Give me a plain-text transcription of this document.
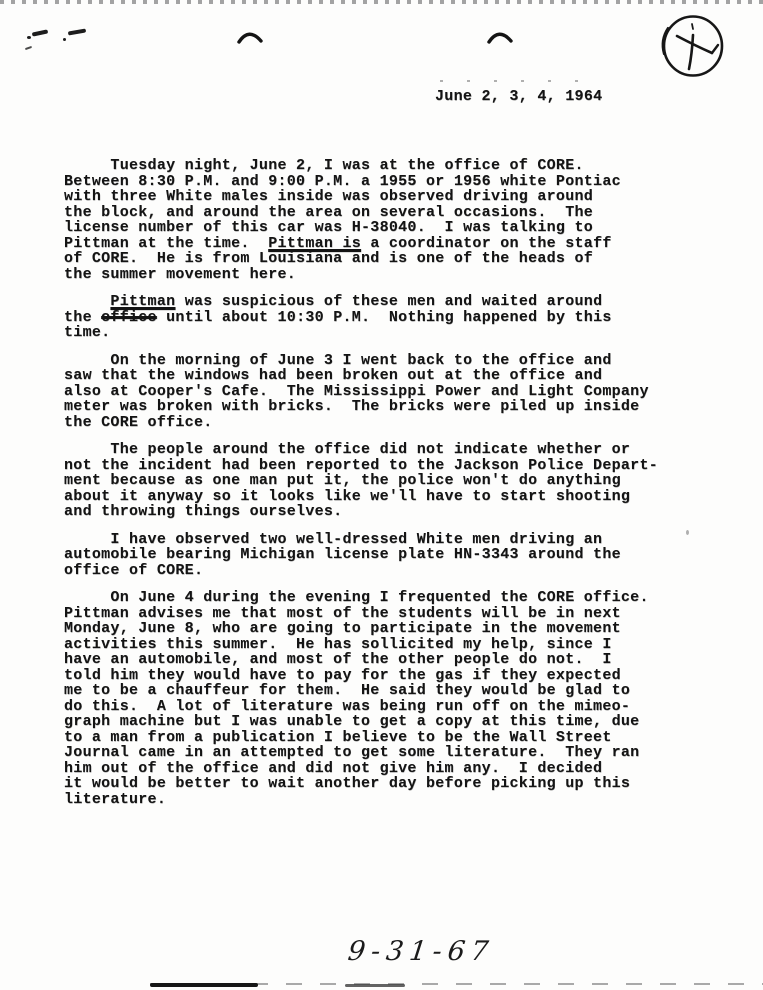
June 2, 3, 4, 1964
Tuesday night, June 2, I was at the office of CORE.
Between 8:30 P.M. and 9:00 P.M. a 1955 or 1956 white Pontiac
with three White males inside was observed driving around
the block, and around the area on several occasions.  The
license number of this car was H-38040.  I was talking to
Pittman at the time.  Pittman is a coordinator on the staff
of CORE.  He is from Louisiana and is one of the heads of
the summer movement here.
Pittman was suspicious of these men and waited around
the office until about 10:30 P.M.  Nothing happened by this
time.
On the morning of June 3 I went back to the office and
saw that the windows had been broken out at the office and
also at Cooper's Cafe.  The Mississippi Power and Light Company
meter was broken with bricks.  The bricks were piled up inside
the CORE office.
The people around the office did not indicate whether or
not the incident had been reported to the Jackson Police Depart-
ment because as one man put it, the police won't do anything
about it anyway so it looks like we'll have to start shooting
and throwing things ourselves.
I have observed two well-dressed White men driving an
automobile bearing Michigan license plate HN-3343 around the
office of CORE.
On June 4 during the evening I frequented the CORE office.
Pittman advises me that most of the students will be in next
Monday, June 8, who are going to participate in the movement
activities this summer.  He has sollicited my help, since I
have an automobile, and most of the other people do not.  I
told him they would have to pay for the gas if they expected
me to be a chauffeur for them.  He said they would be glad to
do this.  A lot of literature was being run off on the mimeo-
graph machine but I was unable to get a copy at this time, due
to a man from a publication I believe to be the Wall Street
Journal came in an attempted to get some literature.  They ran
him out of the office and did not give him any.  I decided
it would be better to wait another day before picking up this
literature.
9-31-67
